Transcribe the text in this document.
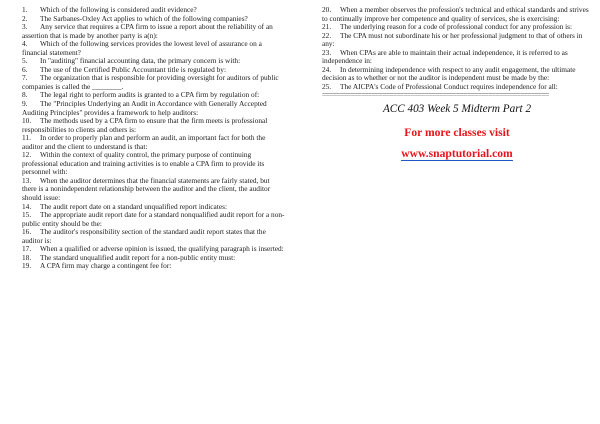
1. Which of the following is considered audit evidence?

2. The Sarbanes-Oxley Act applies to which of the following companies?

3. Any service that requires a CPA firm to issue a report about the reliability of an assertion that is made by another party is a(n):

4. Which of the following services provides the lowest level of assurance on a financial statement?

5. In "auditing" financial accounting data, the primary concern is with:

6. The use of the Certified Public Accountant title is regulated by:

7. The organization that is responsible for providing oversight for auditors of public companies is called the ________.

8. The legal right to perform audits is granted to a CPA firm by regulation of:

9. The "Principles Underlying an Audit in Accordance with Generally Accepted Auditing Principles" provides a framework to help auditors:

10. The methods used by a CPA firm to ensure that the firm meets is professional responsibilities to clients and others is:

11. In order to properly plan and perform an audit, an important fact for both the auditor and the client to understand is that:

12. Within the context of quality control, the primary purpose of continuing professional education and training activities is to enable a CPA firm to provide its personnel with:

13. When the auditor determines that the financial statements are fairly stated, but there is a nonindependent relationship between the auditor and the client, the auditor should issue:

14. The audit report date on a standard unqualified report indicates:

15. The appropriate audit report date for a standard nonqualified audit report for a non-public entity should be the:

16. The auditor's responsibility section of the standard audit report states that the auditor is:

17. When a qualified or adverse opinion is issued, the qualifying paragraph is inserted:

18. The standard unqualified audit report for a non-public entity must:

19. A CPA firm may charge a contingent fee for:

20. When a member observes the profession's technical and ethical standards and strives to continually improve her competence and quality of services, she is exercising:

21. The underlying reason for a code of professional conduct for any profession is:

22. The CPA must not subordinate his or her professional judgment to that of others in any:

23. When CPAs are able to maintain their actual independence, it is referred to as independence in:

24. In determining independence with respect to any audit engagement, the ultimate decision as to whether or not the auditor is independent must be made by the:

25. The AICPA's Code of Professional Conduct requires independence for all:

================================================================
ACC 403 Week 5 Midterm Part 2
For more classes visit
www.snaptutorial.com
